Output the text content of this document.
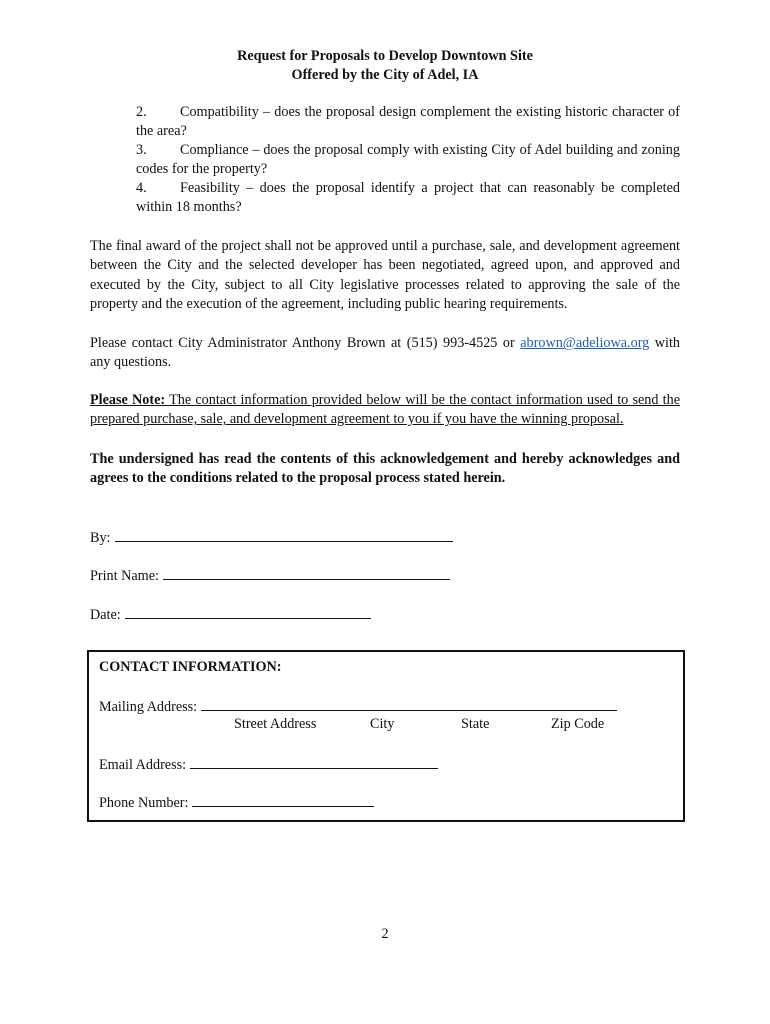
Request for Proposals to Develop Downtown Site
Offered by the City of Adel, IA

2. Compatibility – does the proposal design complement the existing historic character of the area?

3. Compliance – does the proposal comply with existing City of Adel building and zoning codes for the property?

4. Feasibility – does the proposal identify a project that can reasonably be completed within 18 months?

The final award of the project shall not be approved until a purchase, sale, and development agreement between the City and the selected developer has been negotiated, agreed upon, and approved and executed by the City, subject to all City legislative processes related to approving the sale of the property and the execution of the agreement, including public hearing requirements.
Please contact City Administrator Anthony Brown at (515) 993-4525 or abrown@adeliowa.org with any questions.
Please Note: The contact information provided below will be the contact information used to send the prepared purchase, sale, and development agreement to you if you have the winning proposal.
The undersigned has read the contents of this acknowledgement and hereby acknowledges and agrees to the conditions related to the proposal process stated herein.
By:
Print Name:
Date:
CONTACT INFORMATION:
Mailing Address:
Street Address	City	State	Zip Code
Email Address:
Phone Number:
2
